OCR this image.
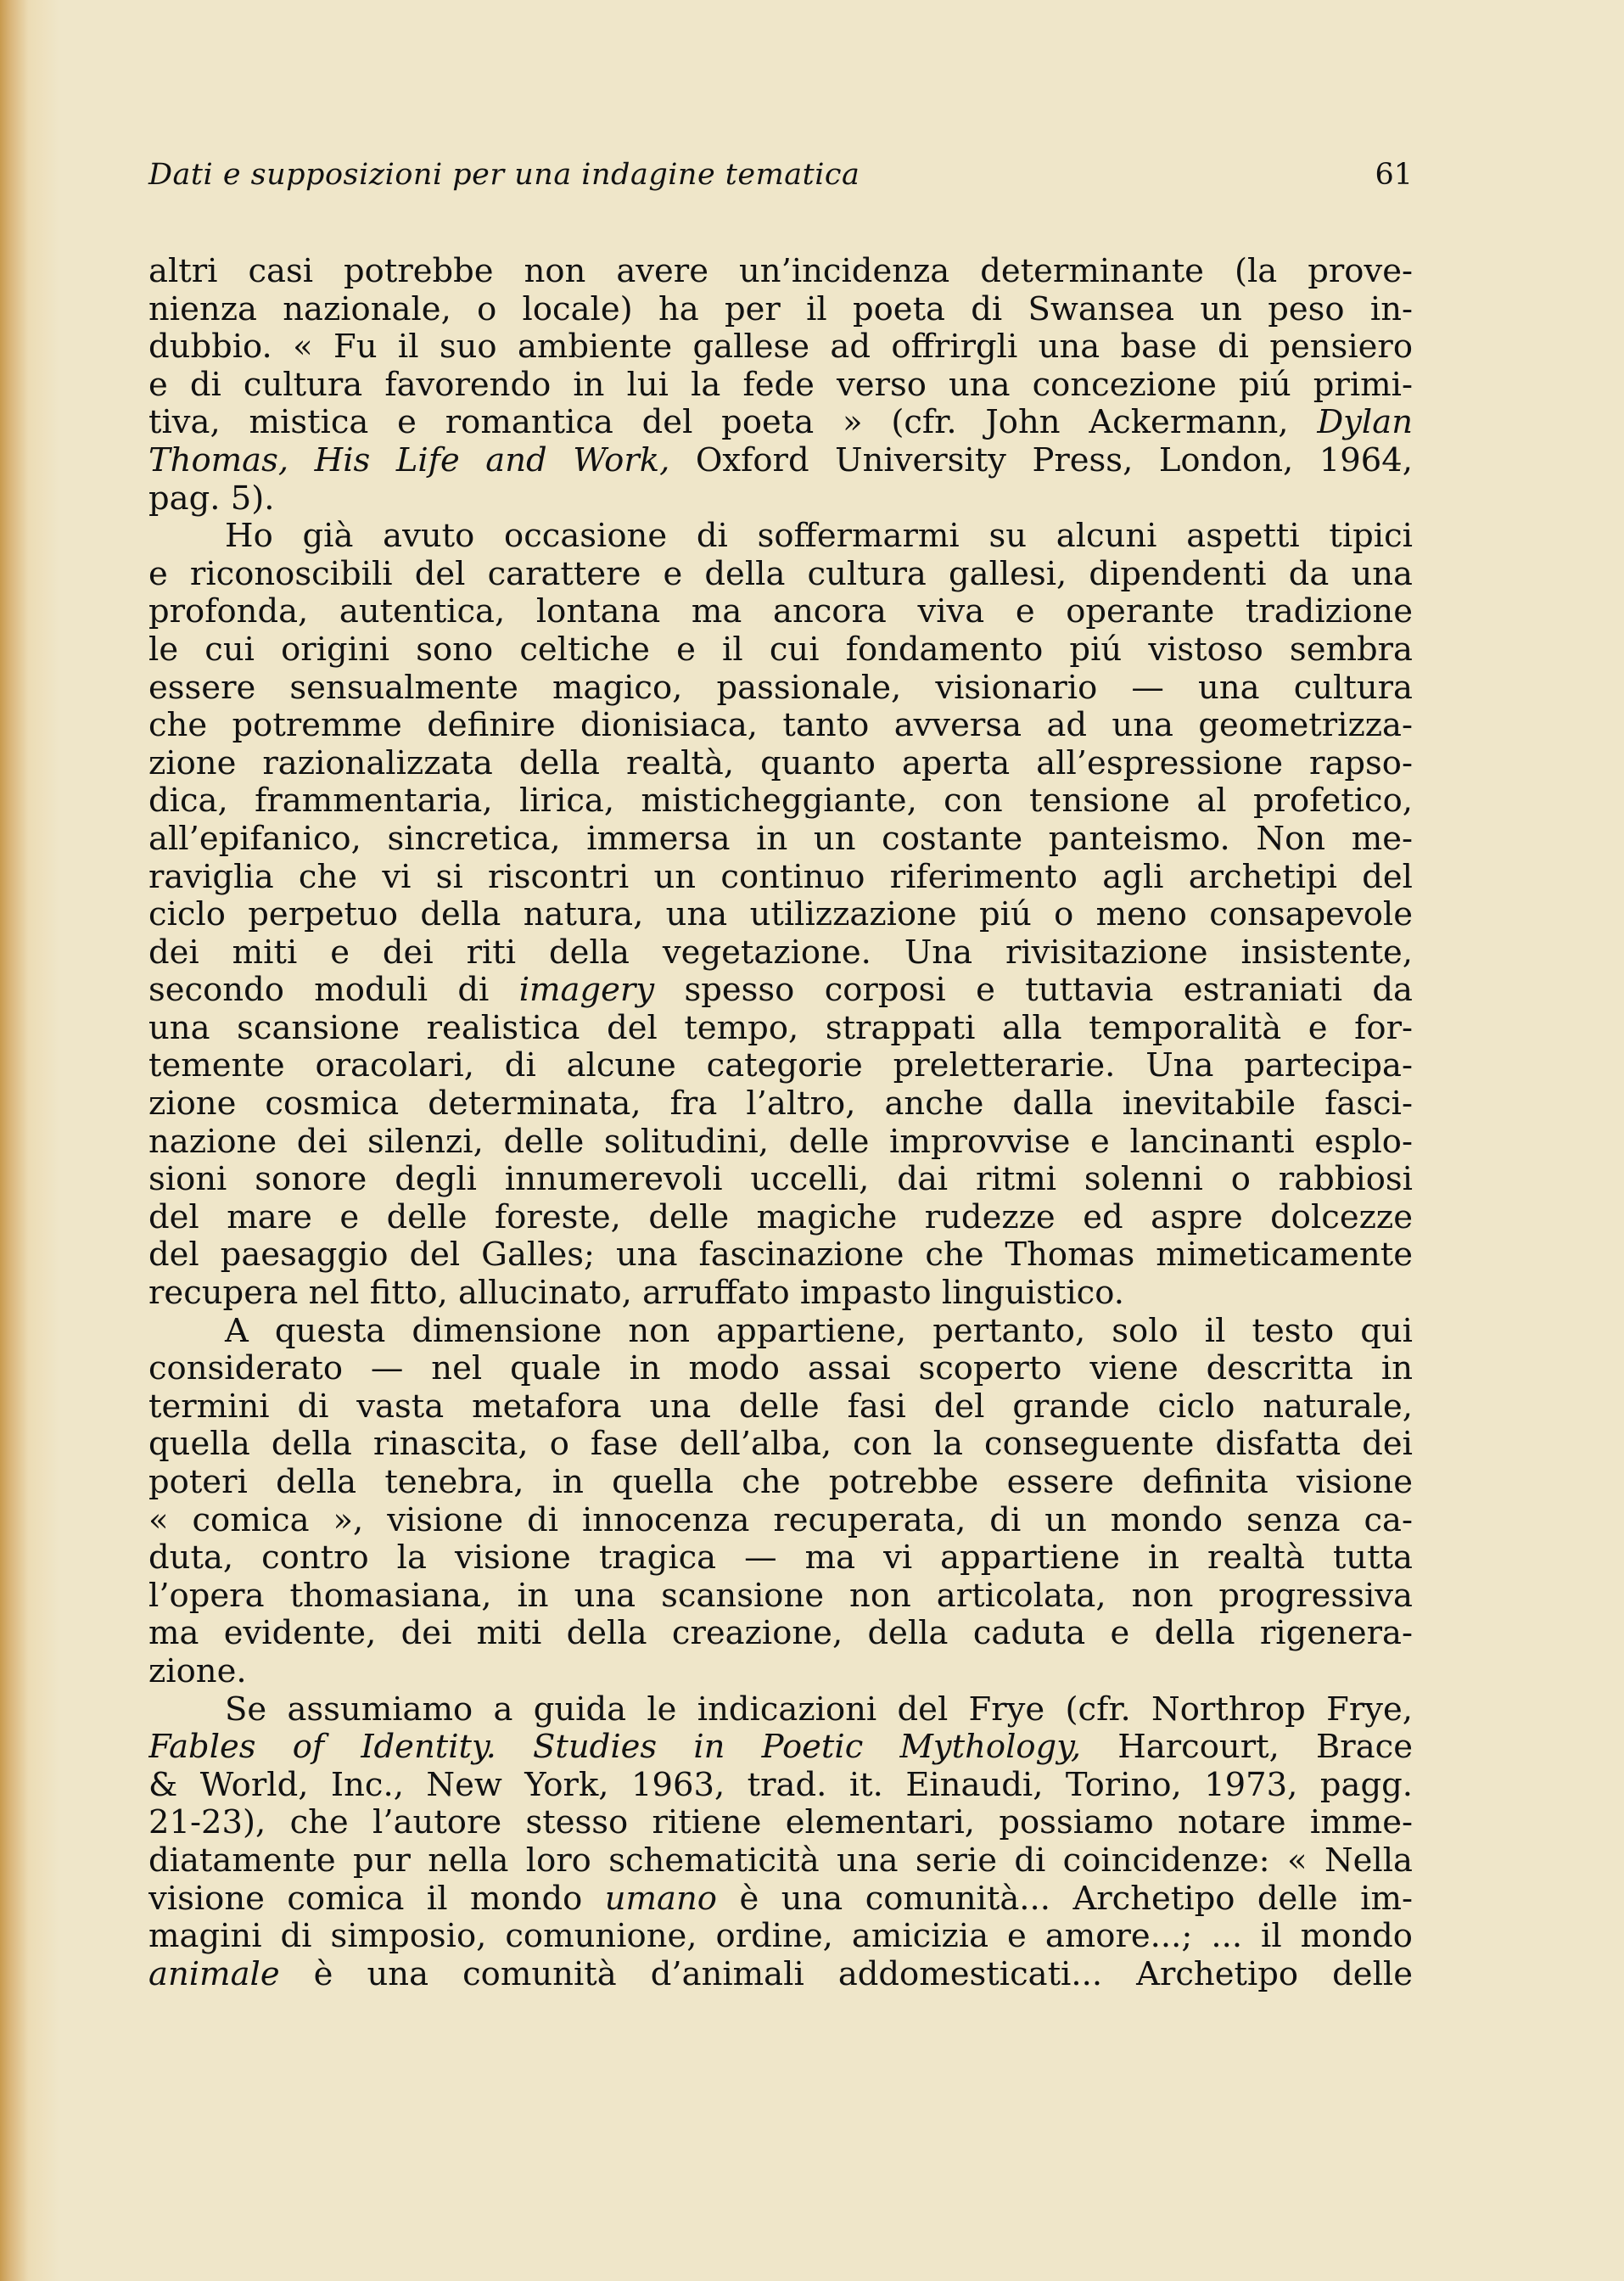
Dati e supposizioni per una indagine tematica	61
altri casi potrebbe non avere un’incidenza determinante (la prove-
nienza nazionale, o locale) ha per il poeta di Swansea un peso in-
dubbio. « Fu il suo ambiente gallese ad offrirgli una base di pensiero
e di cultura favorendo in lui la fede verso una concezione piú primi-
tiva, mistica e romantica del poeta » (cfr. John Ackermann, Dylan
Thomas, His Life and Work, Oxford University Press, London, 1964,
pag. 5).
Ho già avuto occasione di soffermarmi su alcuni aspetti tipici
e riconoscibili del carattere e della cultura gallesi, dipendenti da una
profonda, autentica, lontana ma ancora viva e operante tradizione
le cui origini sono celtiche e il cui fondamento piú vistoso sembra
essere sensualmente magico, passionale, visionario — una cultura
che potremme definire dionisiaca, tanto avversa ad una geometrizza-
zione razionalizzata della realtà, quanto aperta all’espressione rapso-
dica, frammentaria, lirica, misticheggiante, con tensione al profetico,
all’epifanico, sincretica, immersa in un costante panteismo. Non me-
raviglia che vi si riscontri un continuo riferimento agli archetipi del
ciclo perpetuo della natura, una utilizzazione piú o meno consapevole
dei miti e dei riti della vegetazione. Una rivisitazione insistente,
secondo moduli di imagery spesso corposi e tuttavia estraniati da
una scansione realistica del tempo, strappati alla temporalità e for-
temente oracolari, di alcune categorie preletterarie. Una partecipa-
zione cosmica determinata, fra l’altro, anche dalla inevitabile fasci-
nazione dei silenzi, delle solitudini, delle improvvise e lancinanti esplo-
sioni sonore degli innumerevoli uccelli, dai ritmi solenni o rabbiosi
del mare e delle foreste, delle magiche rudezze ed aspre dolcezze
del paesaggio del Galles; una fascinazione che Thomas mimeticamente
recupera nel fitto, allucinato, arruffato impasto linguistico.
A questa dimensione non appartiene, pertanto, solo il testo qui
considerato — nel quale in modo assai scoperto viene descritta in
termini di vasta metafora una delle fasi del grande ciclo naturale,
quella della rinascita, o fase dell’alba, con la conseguente disfatta dei
poteri della tenebra, in quella che potrebbe essere definita visione
« comica », visione di innocenza recuperata, di un mondo senza ca-
duta, contro la visione tragica — ma vi appartiene in realtà tutta
l’opera thomasiana, in una scansione non articolata, non progressiva
ma evidente, dei miti della creazione, della caduta e della rigenera-
zione.
Se assumiamo a guida le indicazioni del Frye (cfr. Northrop Frye,
Fables of Identity. Studies in Poetic Mythology, Harcourt, Brace
& World, Inc., New York, 1963, trad. it. Einaudi, Torino, 1973, pagg.
21-23), che l’autore stesso ritiene elementari, possiamo notare imme-
diatamente pur nella loro schematicità una serie di coincidenze: « Nella
visione comica il mondo umano è una comunità... Archetipo delle im-
magini di simposio, comunione, ordine, amicizia e amore...; ... il mondo
animale è una comunità d’animali addomesticati... Archetipo delle
